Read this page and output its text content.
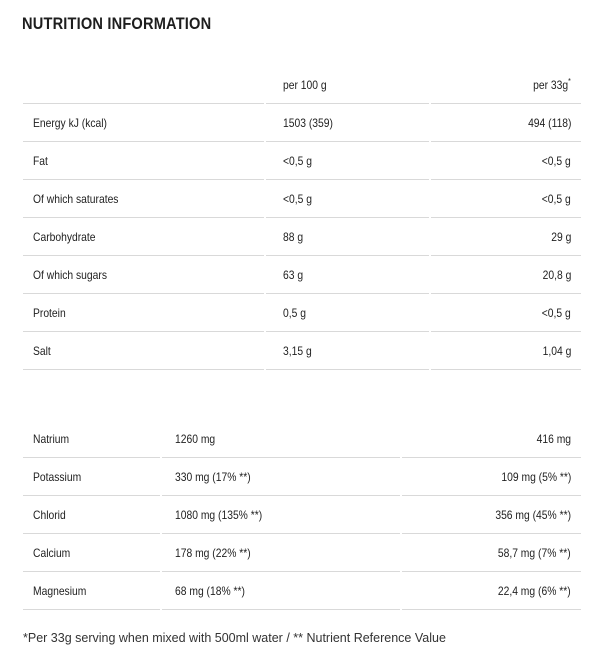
NUTRITION INFORMATION
	per 100 g	per 33g*
Energy kJ (kcal)	1503 (359)	494 (118)
Fat	<0,5 g	<0,5 g
Of which saturates	<0,5 g	<0,5 g
Carbohydrate	88 g	29 g
Of which sugars	63 g	20,8 g
Protein	0,5 g	<0,5 g
Salt	3,15 g	1,04 g
Natrium	1260 mg	416 mg
Potassium	330 mg (17% **)	109 mg (5% **)
Chlorid	1080 mg (135% **)	356 mg (45% **)
Calcium	178 mg (22% **)	58,7 mg (7% **)
Magnesium	68 mg (18% **)	22,4 mg (6% **)
*Per 33g serving when mixed with 500ml water / ** Nutrient Reference Value
